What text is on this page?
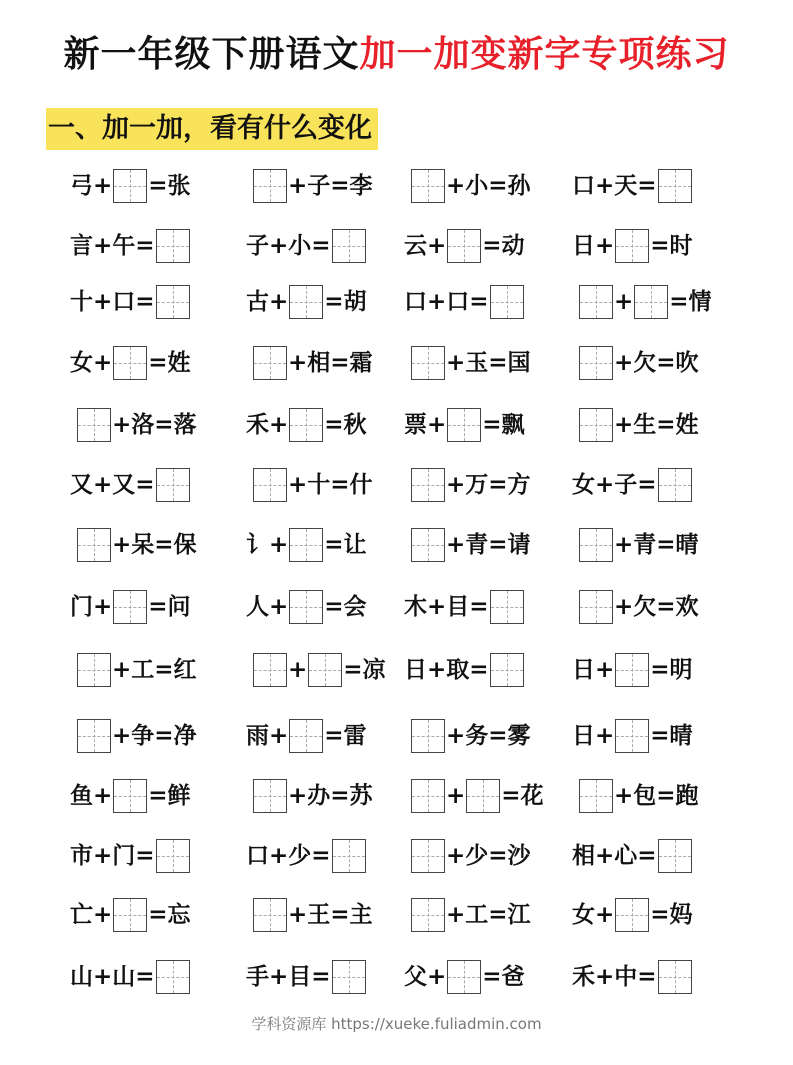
新一年级下册语文加一加变新字专项练习
一、加一加，看有什么变化
弓+ =张	+子=李	+小=孙 口+天=
言+午=	子+小=	云+ =动 日+ =时
十+口=	古+ =胡 口+口=	+ =情
女+ =姓	+相=霜	+玉=国	+欠=吹
+洛=落 禾+ =秋 票+ =飘	+生=姓
又+又=	+十=什	+万=方 女+子=
+呆=保 讠+ =让	+青=请	+青=晴
门+ =问 人+ =会 木+目=	+欠=欢
+工=红	+ =凉 日+取=	日+ =明
+争=净 雨+ =雷	+务=雾 日+ =晴
鱼+ =鲜	+办=苏	+ =花	+包=跑
市+门=	口+少=	+少=沙 相+心=
亡+ =忘	+王=主	+工=江 女+ =妈
山+山=	手+目=	父+ =爸 禾+中=
学科资源库 https://xueke.fuliadmin.com
